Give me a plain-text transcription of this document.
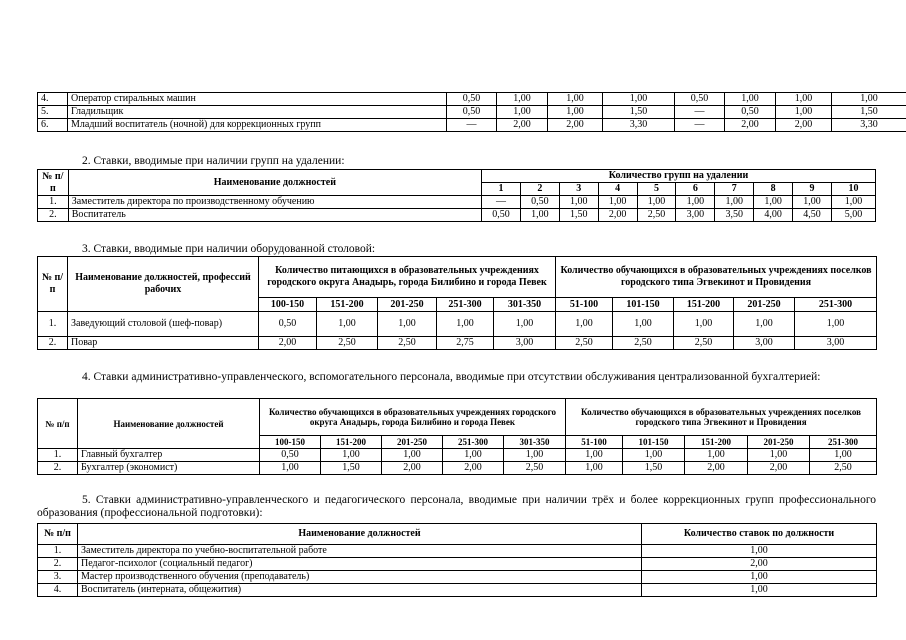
4.	Оператор стиральных машин	0,50	1,00	1,00	1,00	0,50	1,00	1,00	1,00
5.	Гладильщик	0,50	1,00	1,00	1,50	—	0,50	1,00	1,50
6.	Младший воспитатель (ночной) для коррекционных групп	—	2,00	2,00	3,30	—	2,00	2,00	3,30
2. Ставки, вводимые при наличии групп на удалении:
№ п/п	Наименование должностей	Количество групп на удалении									
		1	2	3	4	5	6	7	8	9	10
1.	Заместитель директора по производственному обучению	—	0,50	1,00	1,00	1,00	1,00	1,00	1,00	1,00	1,00
2.	Воспитатель	0,50	1,00	1,50	2,00	2,50	3,00	3,50	4,00	4,50	5,00
3. Ставки, вводимые при наличии оборудованной столовой:
№ п/п	Наименование должностей, профессий рабочих	Количество питающихся в образовательных учреждениях городского округа Анадырь, города Билибино и города Певек					Количество обучающихся в образовательных учреждениях поселков городского типа Эгвекинот и Провидения				
		100-150	151-200	201-250	251-300	301-350	51-100	101-150	151-200	201-250	251-300
1.	Заведующий столовой (шеф-повар)	0,50	1,00	1,00	1,00	1,00	1,00	1,00	1,00	1,00	1,00
2.	Повар	2,00	2,50	2,50	2,75	3,00	2,50	2,50	2,50	3,00	3,00
4. Ставки административно-управленческого, вспомогательного персонала, вводимые при отсутствии обслуживания централизованной бухгалтерией:
№ п/п	Наименование должностей	Количество обучающихся в образовательных учреждениях городского округа Анадырь, города Билибино и города Певек					Количество обучающихся в образовательных учреждениях поселков городского типа Эгвекинот и Провидения				
		100-150	151-200	201-250	251-300	301-350	51-100	101-150	151-200	201-250	251-300
1.	Главный бухгалтер	0,50	1,00	1,00	1,00	1,00	1,00	1,00	1,00	1,00	1,00
2.	Бухгалтер (экономист)	1,00	1,50	2,00	2,00	2,50	1,00	1,50	2,00	2,00	2,50
5. Ставки административно-управленческого и педагогического персонала, вводимые при наличии трёх и более коррекционных групп профессионального образования (профессиональной подготовки):
№ п/п	Наименование должностей	Количество ставок по должности
1.	Заместитель директора по учебно-воспитательной работе	1,00
2.	Педагог-психолог (социальный педагог)	2,00
3.	Мастер производственного обучения (преподаватель)	1,00
4.	Воспитатель (интерната, общежития)	1,00
